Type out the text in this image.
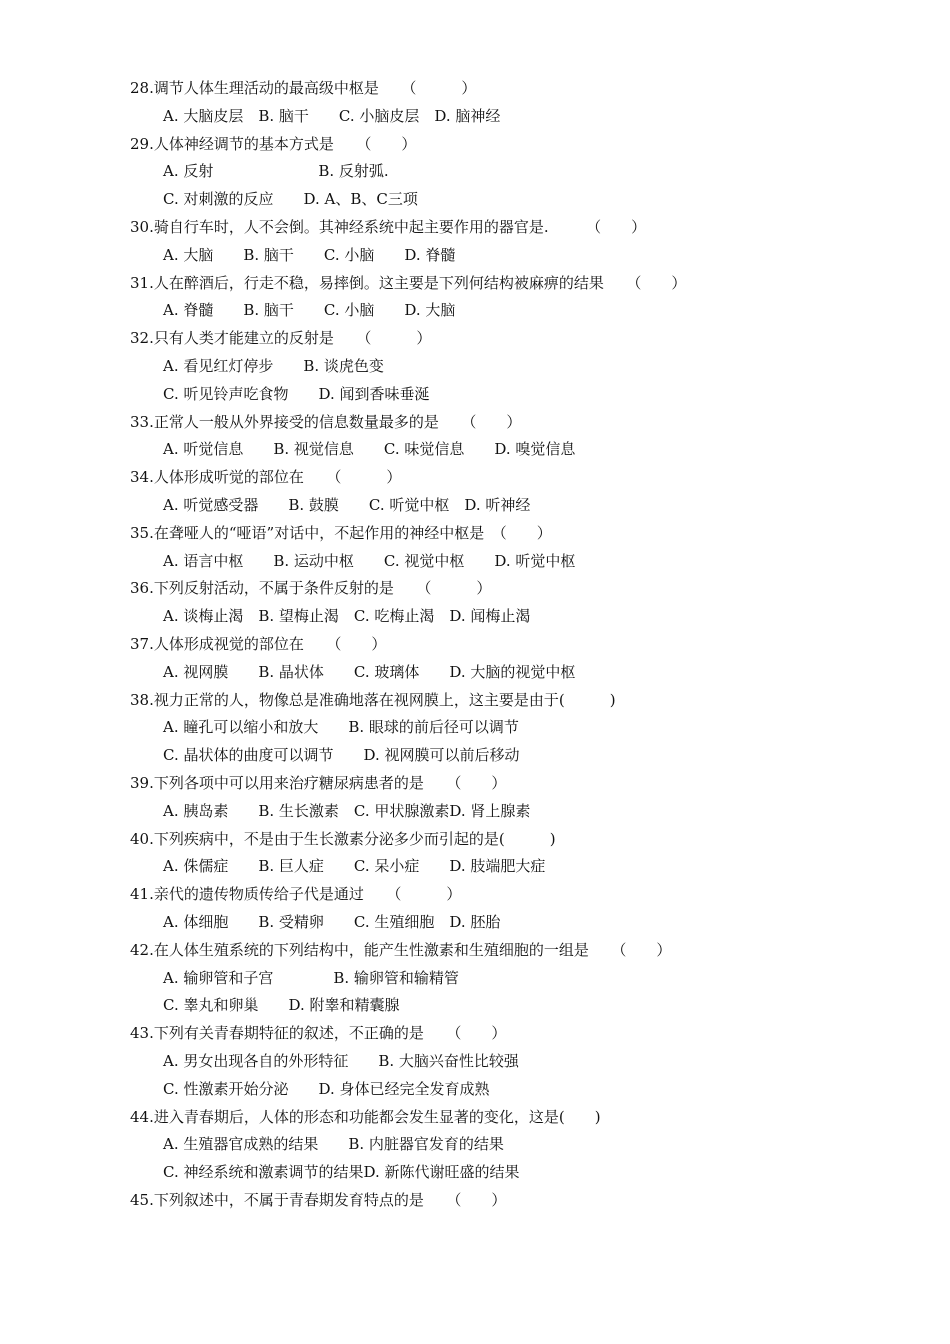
28.调节人体生理活动的最高级中枢是　　（　　　）
A. 大脑皮层　B. 脑干　　C. 小脑皮层　D. 脑神经
29.人体神经调节的基本方式是　　（　　）
A. 反射　　　　　　　B. 反射弧.
C. 对刺激的反应　　D. A、B、C三项
30.骑自行车时，人不会倒。其神经系统中起主要作用的器官是.　　　（　　）
A. 大脑　　B. 脑干　　C. 小脑　　D. 脊髓
31.人在醉酒后，行走不稳，易摔倒。这主要是下列何结构被麻痹的结果　　（　　）
A. 脊髓　　B. 脑干　　C. 小脑　　D. 大脑
32.只有人类才能建立的反射是　　（　　　）
A. 看见红灯停步　　B. 谈虎色变
C. 听见铃声吃食物　　D. 闻到香味垂涎
33.正常人一般从外界接受的信息数量最多的是　　（　　）
A. 听觉信息　　B. 视觉信息　　C. 味觉信息　　D. 嗅觉信息
34.人体形成听觉的部位在　　（　　　）
A. 听觉感受器　　B. 鼓膜　　C. 听觉中枢　D. 听神经
35.在聋哑人的“哑语”对话中，不起作用的神经中枢是　（　　）
A. 语言中枢　　B. 运动中枢　　C. 视觉中枢　　D. 听觉中枢
36.下列反射活动，不属于条件反射的是　　（　　　）
A. 谈梅止渴　B. 望梅止渴　C. 吃梅止渴　D. 闻梅止渴
37.人体形成视觉的部位在　　（　　）
A. 视网膜　　B. 晶状体　　C. 玻璃体　　D. 大脑的视觉中枢
38.视力正常的人，物像总是准确地落在视网膜上，这主要是由于(　　　)
A. 瞳孔可以缩小和放大　　B. 眼球的前后径可以调节
C. 晶状体的曲度可以调节　　D. 视网膜可以前后移动
39.下列各项中可以用来治疗糖尿病患者的是　　（　　）
A. 胰岛素　　B. 生长激素　C. 甲状腺激素D. 肾上腺素
40.下列疾病中，不是由于生长激素分泌多少而引起的是(　　　)
A. 侏儒症　　B. 巨人症　　C. 呆小症　　D. 肢端肥大症
41.亲代的遗传物质传给子代是通过　　（　　　）
A. 体细胞　　B. 受精卵　　C. 生殖细胞　D. 胚胎
42.在人体生殖系统的下列结构中，能产生性激素和生殖细胞的一组是　　（　　）
A. 输卵管和子宫　　　　B. 输卵管和输精管
C. 睾丸和卵巢　　D. 附睾和精囊腺
43.下列有关青春期特征的叙述，不正确的是　　（　　）
A. 男女出现各自的外形特征　　B. 大脑兴奋性比较强
C. 性激素开始分泌　　D. 身体已经完全发育成熟
44.进入青春期后，人体的形态和功能都会发生显著的变化，这是(　　)
A. 生殖器官成熟的结果　　B. 内脏器官发育的结果
C. 神经系统和激素调节的结果D. 新陈代谢旺盛的结果
45.下列叙述中，不属于青春期发育特点的是　　（　　）
